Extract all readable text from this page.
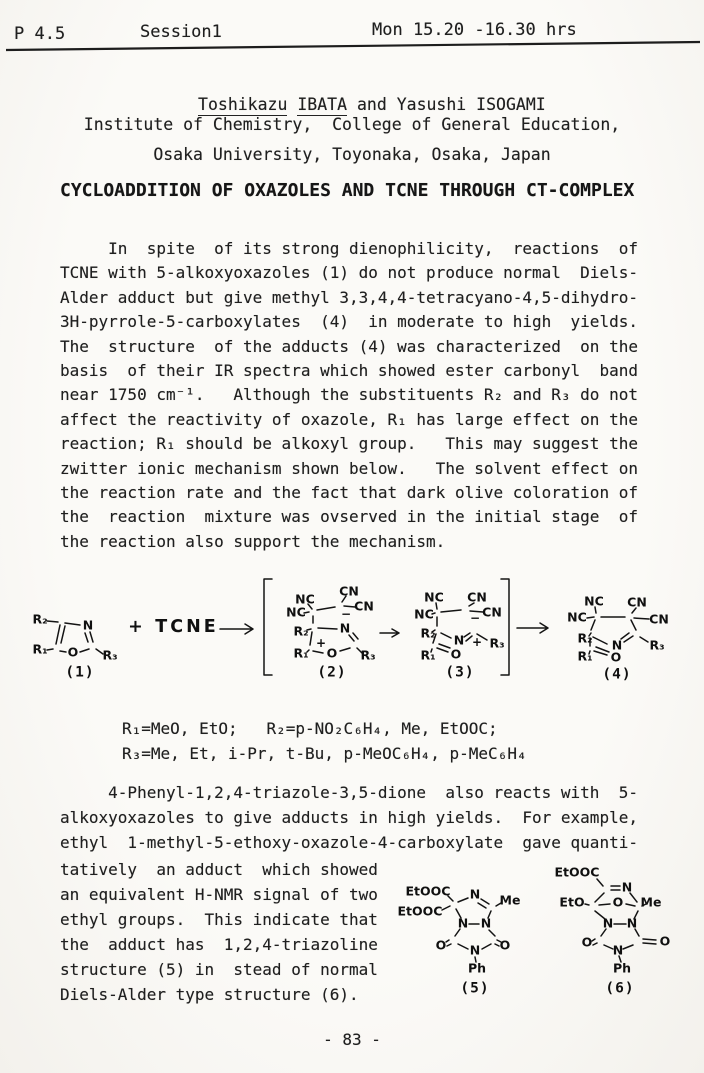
P 4.5	Session1	Mon 15.20 -16.30 hrs

Toshikazu IBATA and Yasushi ISOGAMI

Institute of Chemistry,  College of General Education,
Osaka University, Toyonaka, Osaka, Japan
CYCLOADDITION OF OXAZOLES AND TCNE THROUGH CT-COMPLEX
In  spite  of its strong dienophilicity,  reactions  of
TCNE with 5-alkoxyoxazoles (1) do not produce normal  Diels-
Alder adduct but give methyl 3,3,4,4-tetracyano-4,5-dihydro-
3H-pyrrole-5-carboxylates  (4)  in moderate to high  yields.
The  structure  of the adducts (4) was characterized  on the
basis  of their IR spectra which showed ester carbonyl  band
near 1750 cm⁻¹.   Although the substituents R₂ and R₃ do not
affect the reactivity of oxazole, R₁ has large effect on the
reaction; R₁ should be alkoxyl group.   This may suggest the
zwitter ionic mechanism shown below.   The solvent effect on
the reaction rate and the fact that dark olive coloration of
the  reaction  mixture was ovserved in the initial stage  of
the reaction also support the mechanism.
R₂
R₁
N
O R₃
(1)
+ TCNE
NC
CN
NC	CN
−
R₂ N
+
R₁ O R₃
(2)
NC CN
NC	CN
−
R₂ N + R₃
R₁ O
(3)
NC CN
NC	CN
R₂ N R₃
R₁ O
(4)
R₁=MeO, EtO;   R₂=p-NO₂C₆H₄, Me, EtOOC;
R₃=Me, Et, i-Pr, t-Bu, p-MeOC₆H₄, p-MeC₆H₄
4-Phenyl-1,2,4-triazole-3,5-dione  also reacts with  5-
alkoxyoxazoles to give adducts in high yields.  For example,
ethyl  1-methyl-5-ethoxy-oxazole-4-carboxylate  gave quanti-
tatively  an adduct  which showed
an equivalent H-NMR signal of two
ethyl groups.  This indicate that
the  adduct has  1,2,4-triazoline
structure (5) in  stead of normal
Diels-Alder type structure (6).
EtOOC
EtOOC
N Me
N N
O	O
N
Ph
(5)
EtOOC
N
EtO O Me
N N
O	O
N
Ph
(6)
- 83 -
